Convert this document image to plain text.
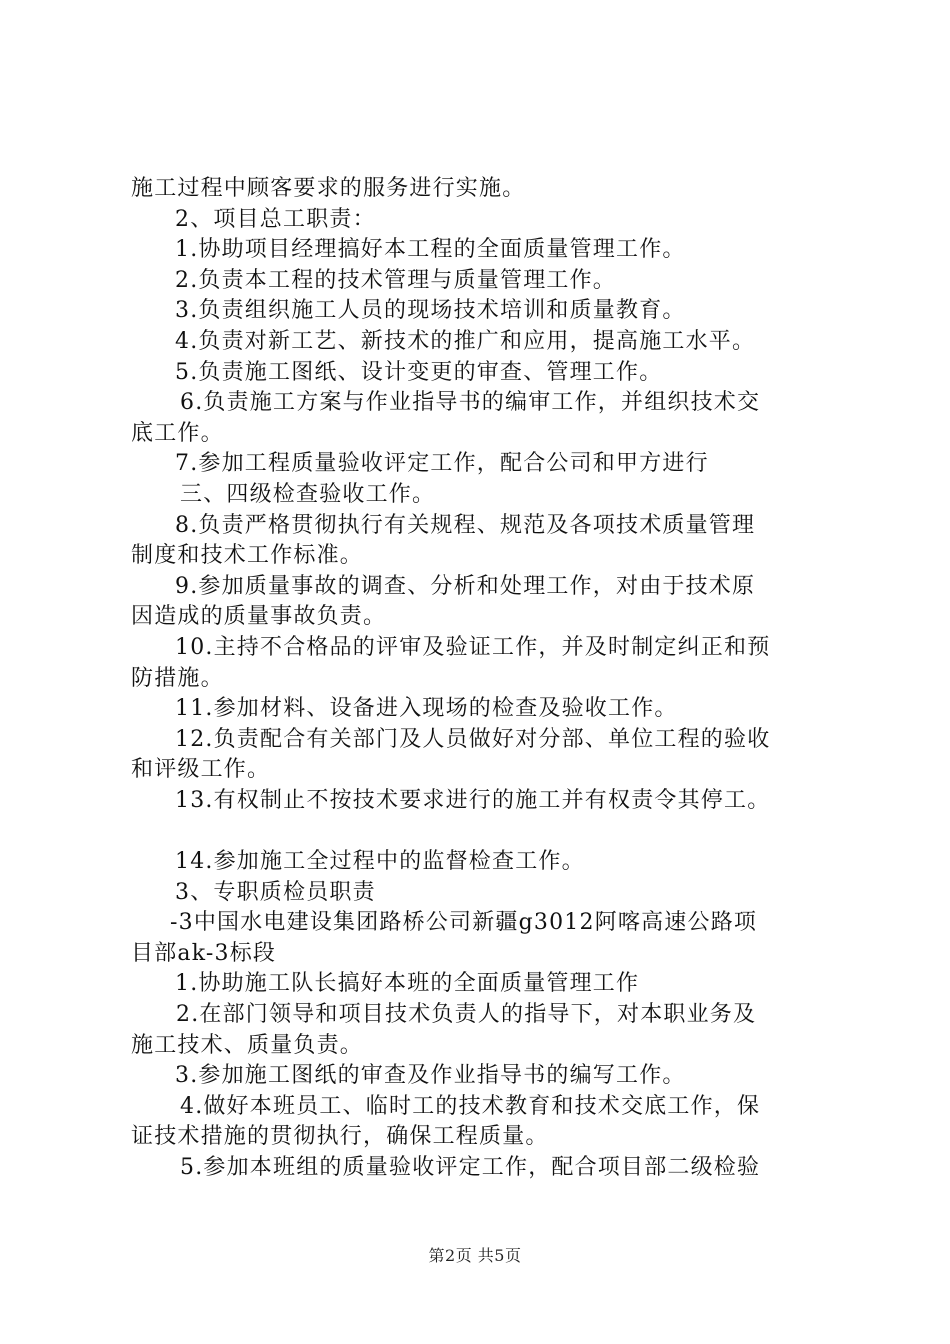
施工过程中顾客要求的服务进行实施。
2、项目总工职责：
1.协助项目经理搞好本工程的全面质量管理工作。
2.负责本工程的技术管理与质量管理工作。
3.负责组织施工人员的现场技术培训和质量教育。
4.负责对新工艺、新技术的推广和应用，提高施工水平。
5.负责施工图纸、设计变更的审查、管理工作。
6.负责施工方案与作业指导书的编审工作，并组织技术交
底工作。
7.参加工程质量验收评定工作，配合公司和甲方进行
三、四级检查验收工作。
8.负责严格贯彻执行有关规程、规范及各项技术质量管理
制度和技术工作标准。
9.参加质量事故的调查、分析和处理工作，对由于技术原
因造成的质量事故负责。
10.主持不合格品的评审及验证工作，并及时制定纠正和预
防措施。
11.参加材料、设备进入现场的检查及验收工作。
12.负责配合有关部门及人员做好对分部、单位工程的验收
和评级工作。
13.有权制止不按技术要求进行的施工并有权责令其停工。
14.参加施工全过程中的监督检查工作。
3、专职质检员职责
-3中国水电建设集团路桥公司新疆g3012阿喀高速公路项
目部ak-3标段
1.协助施工队长搞好本班的全面质量管理工作
2.在部门领导和项目技术负责人的指导下，对本职业务及
施工技术、质量负责。
3.参加施工图纸的审查及作业指导书的编写工作。
4.做好本班员工、临时工的技术教育和技术交底工作，保
证技术措施的贯彻执行，确保工程质量。
5.参加本班组的质量验收评定工作，配合项目部二级检验
第2页 共5页
